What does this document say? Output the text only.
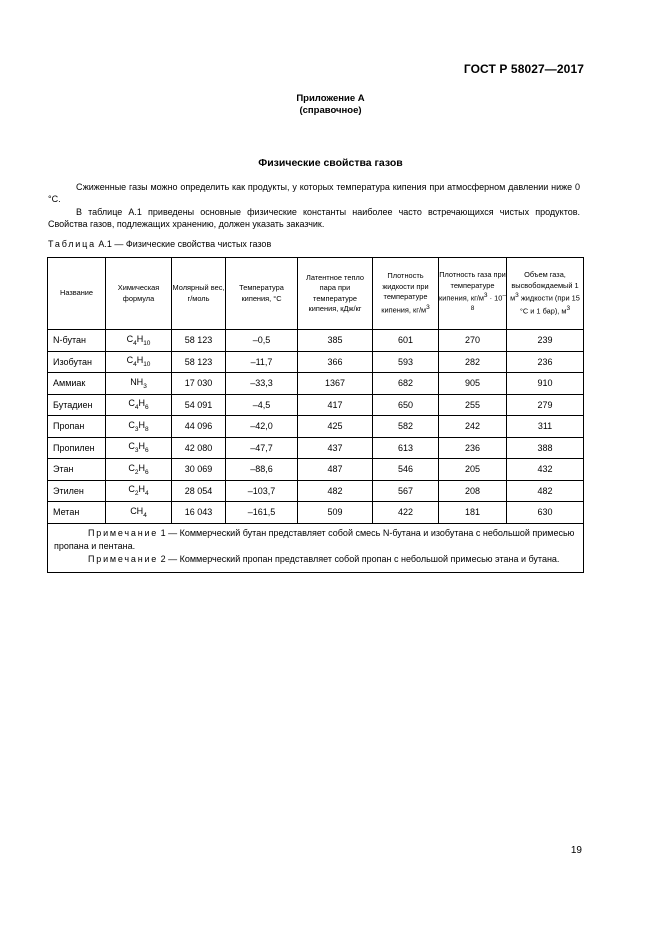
ГОСТ Р 58027—2017
Приложение А
(справочное)
Физические свойства газов
Сжиженные газы можно определить как продукты, у которых температура кипения при атмосферном давлении ниже 0 °С.
В таблице А.1 приведены основные физические константы наиболее часто встречающихся чистых продуктов. Свойства газов, подлежащих хранению, должен указать заказчик.
Таблица А.1 — Физические свойства чистых газов
Название	Химическая формула	Молярный вес, г/моль	Температура кипения, °С	Латентное тепло пара при температуре кипения, кДж/кг	Плотность жидкости при температуре кипения, $кг/м^3$	Плотность газа при температуре кипения, $кг/м^3 \cdot 10^{-8}$	Объем газа, высвобождаемый 1 $м^3$ жидкости (при 15 °С и 1 бар), $м^3$
N-бутан	$C_4H_{10}$	58 123	–0,5	385	601	270	239
Изобутан	$C_4H_{10}$	58 123	–11,7	366	593	282	236
Аммиак	$NH_3$	17 030	–33,3	1367	682	905	910
Бутадиен	$C_4H_6$	54 091	–4,5	417	650	255	279
Пропан	$C_3H_8$	44 096	–42,0	425	582	242	311
Пропилен	$C_3H_6$	42 080	–47,7	437	613	236	388
Этан	$C_2H_6$	30 069	–88,6	487	546	205	432
Этилен	$C_2H_4$	28 054	–103,7	482	567	208	482
Метан	$CH_4$	16 043	–161,5	509	422	181	630

Примечание 1 — Коммерческий бутан представляет собой смесь N-бутана и изобутана с небольшой примесью пропана и пентана.
Примечание 2 — Коммерческий пропан представляет собой пропан с небольшой примесью этана и бутана.							
19
